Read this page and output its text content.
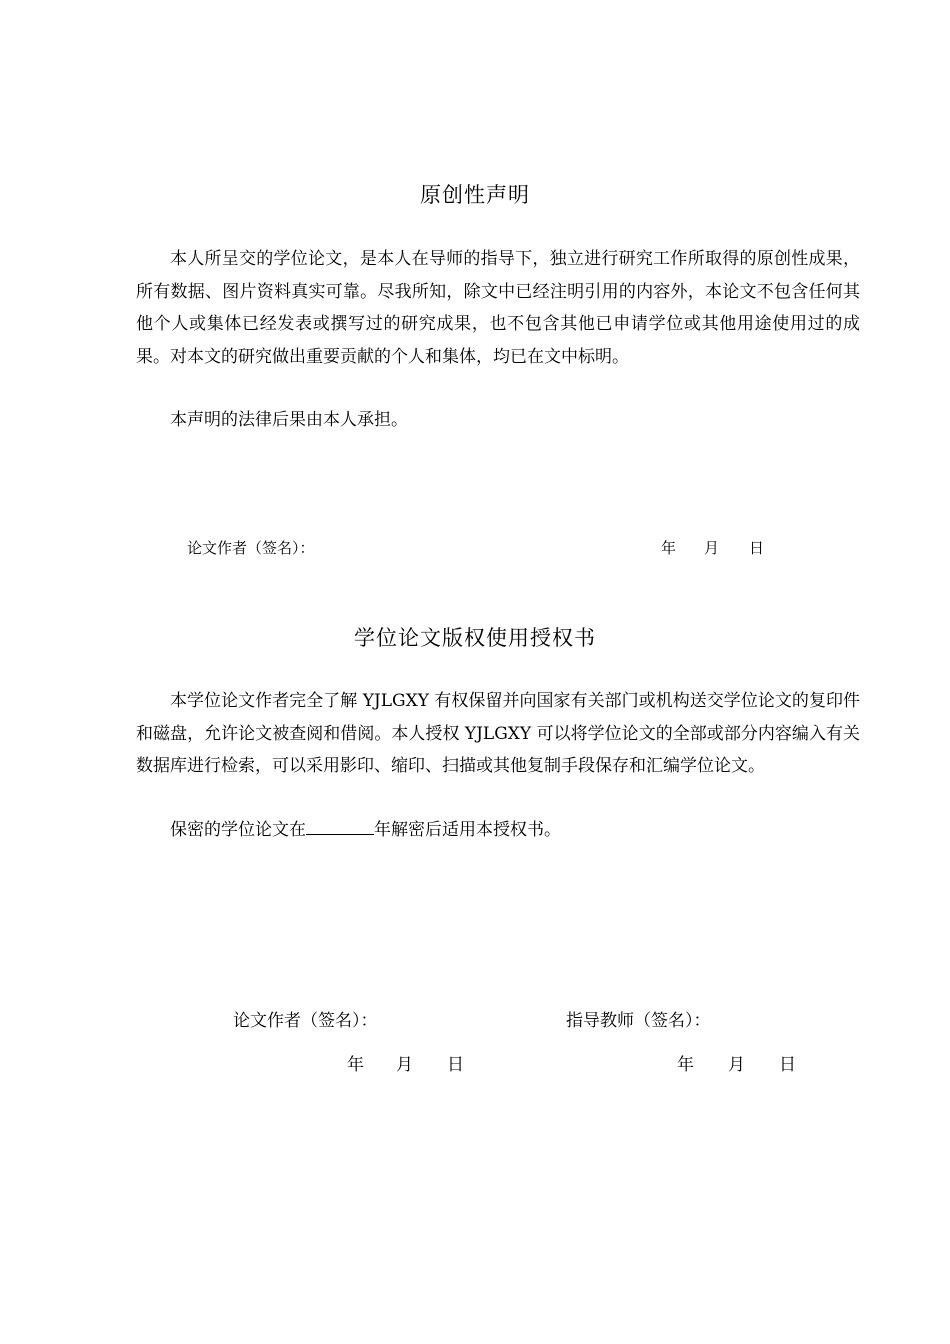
原创性声明

本人所呈交的学位论文，是本人在导师的指导下，独立进行研究工作所取得的原创性成果，所有数据、图片资料真实可靠。尽我所知，除文中已经注明引用的内容外，本论文不包含任何其他个人或集体已经发表或撰写过的研究成果，也不包含其他已申请学位或其他用途使用过的成果。对本文的研究做出重要贡献的个人和集体，均已在文中标明。

本声明的法律后果由本人承担。

论文作者（签名）：	年 月 日
学位论文版权使用授权书

本学位论文作者完全了解 YJLGXY 有权保留并向国家有关部门或机构送交学位论文的复印件和磁盘，允许论文被查阅和借阅。本人授权 YJLGXY 可以将学位论文的全部或部分内容编入有关数据库进行检索，可以采用影印、缩印、扫描或其他复制手段保存和汇编学位论文。

保密的学位论文在	年解密后适用本授权书。

论文作者（签名）：	指导教师（签名）：
年 月 日	年 月 日
